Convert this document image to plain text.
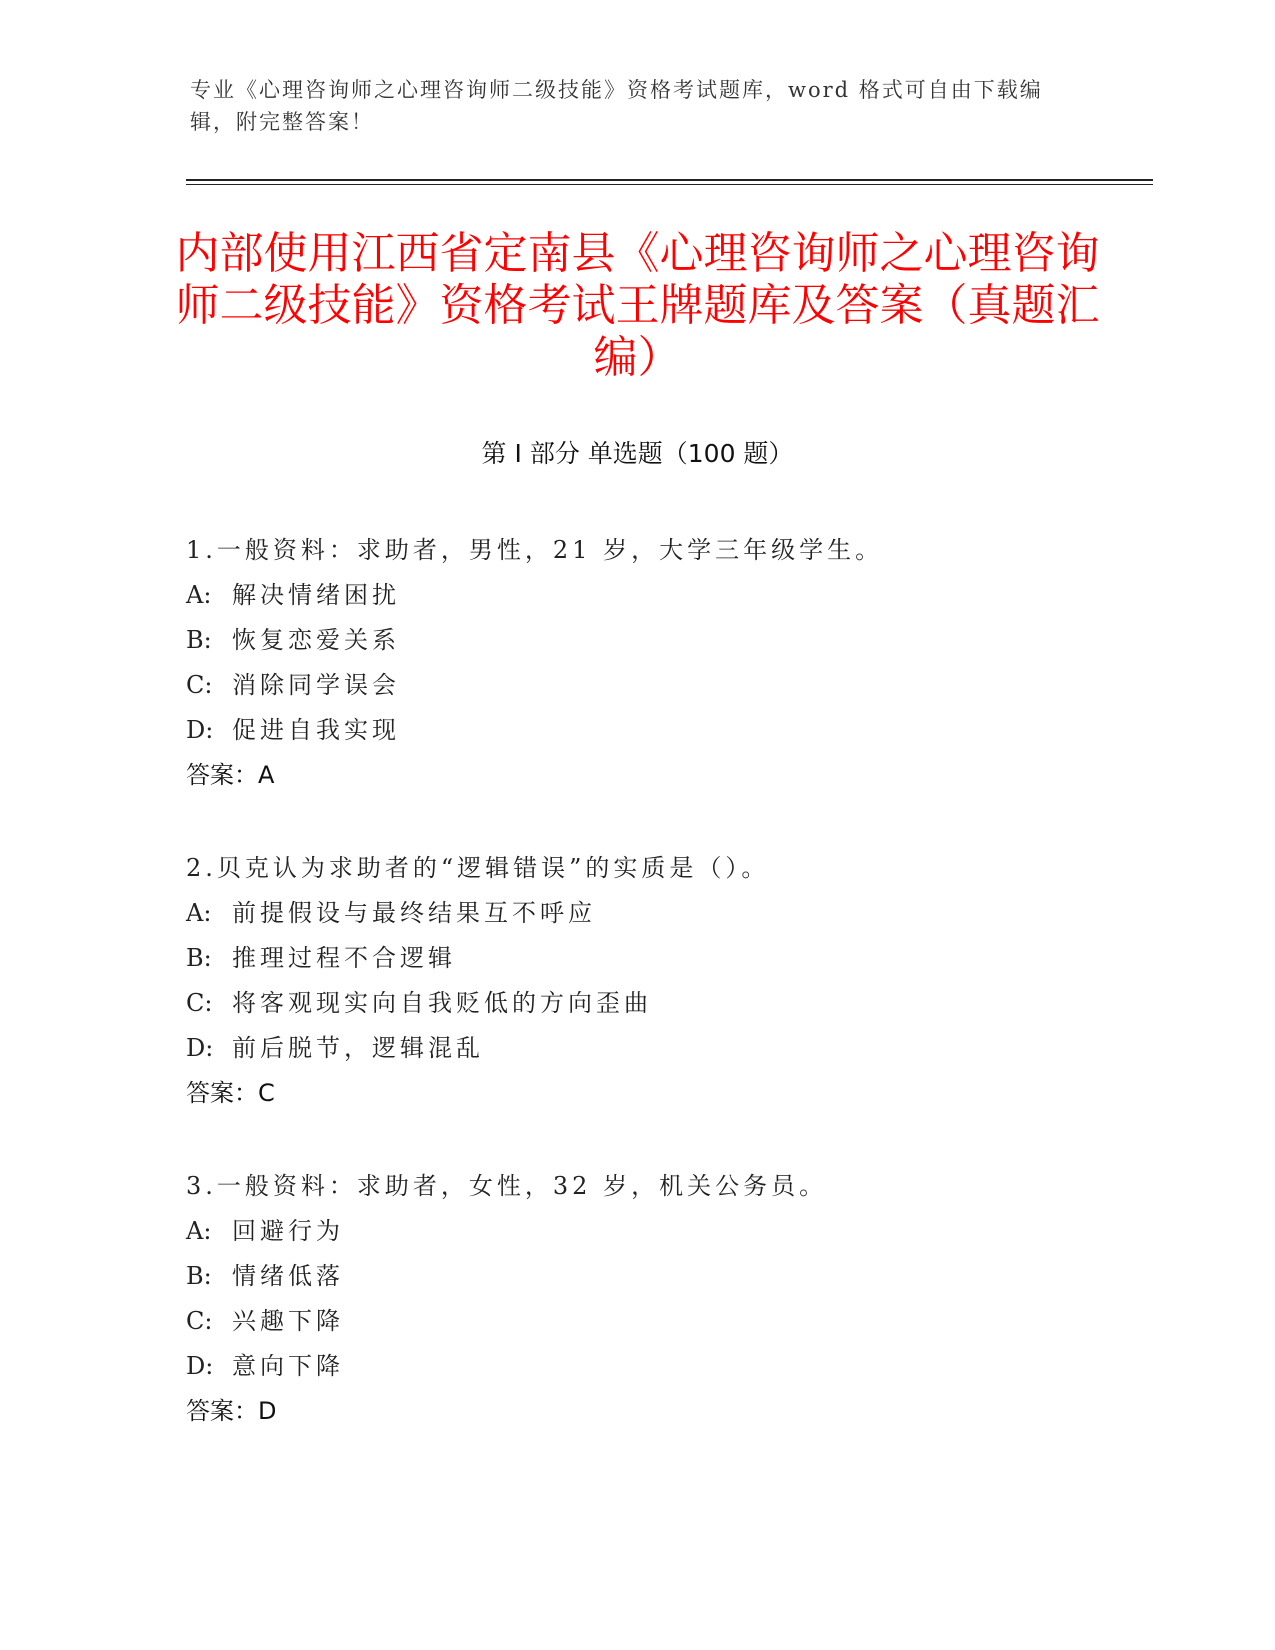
专业《心理咨询师之心理咨询师二级技能》资格考试题库，word 格式可自由下载编辑，附完整答案！
内部使用江西省定南县《心理咨询师之心理咨询师二级技能》资格考试王牌题库及答案（真题汇编）
第 I 部分 单选题（100 题）
1.一般资料：求助者，男性，21 岁，大学三年级学生。
A: 解决情绪困扰
B: 恢复恋爱关系
C: 消除同学误会
D: 促进自我实现
答案：A
2.贝克认为求助者的“逻辑错误”的实质是（）。
A: 前提假设与最终结果互不呼应
B: 推理过程不合逻辑
C: 将客观现实向自我贬低的方向歪曲
D: 前后脱节，逻辑混乱
答案：C
3.一般资料：求助者，女性，32 岁，机关公务员。
A: 回避行为
B: 情绪低落
C: 兴趣下降
D: 意向下降
答案：D
